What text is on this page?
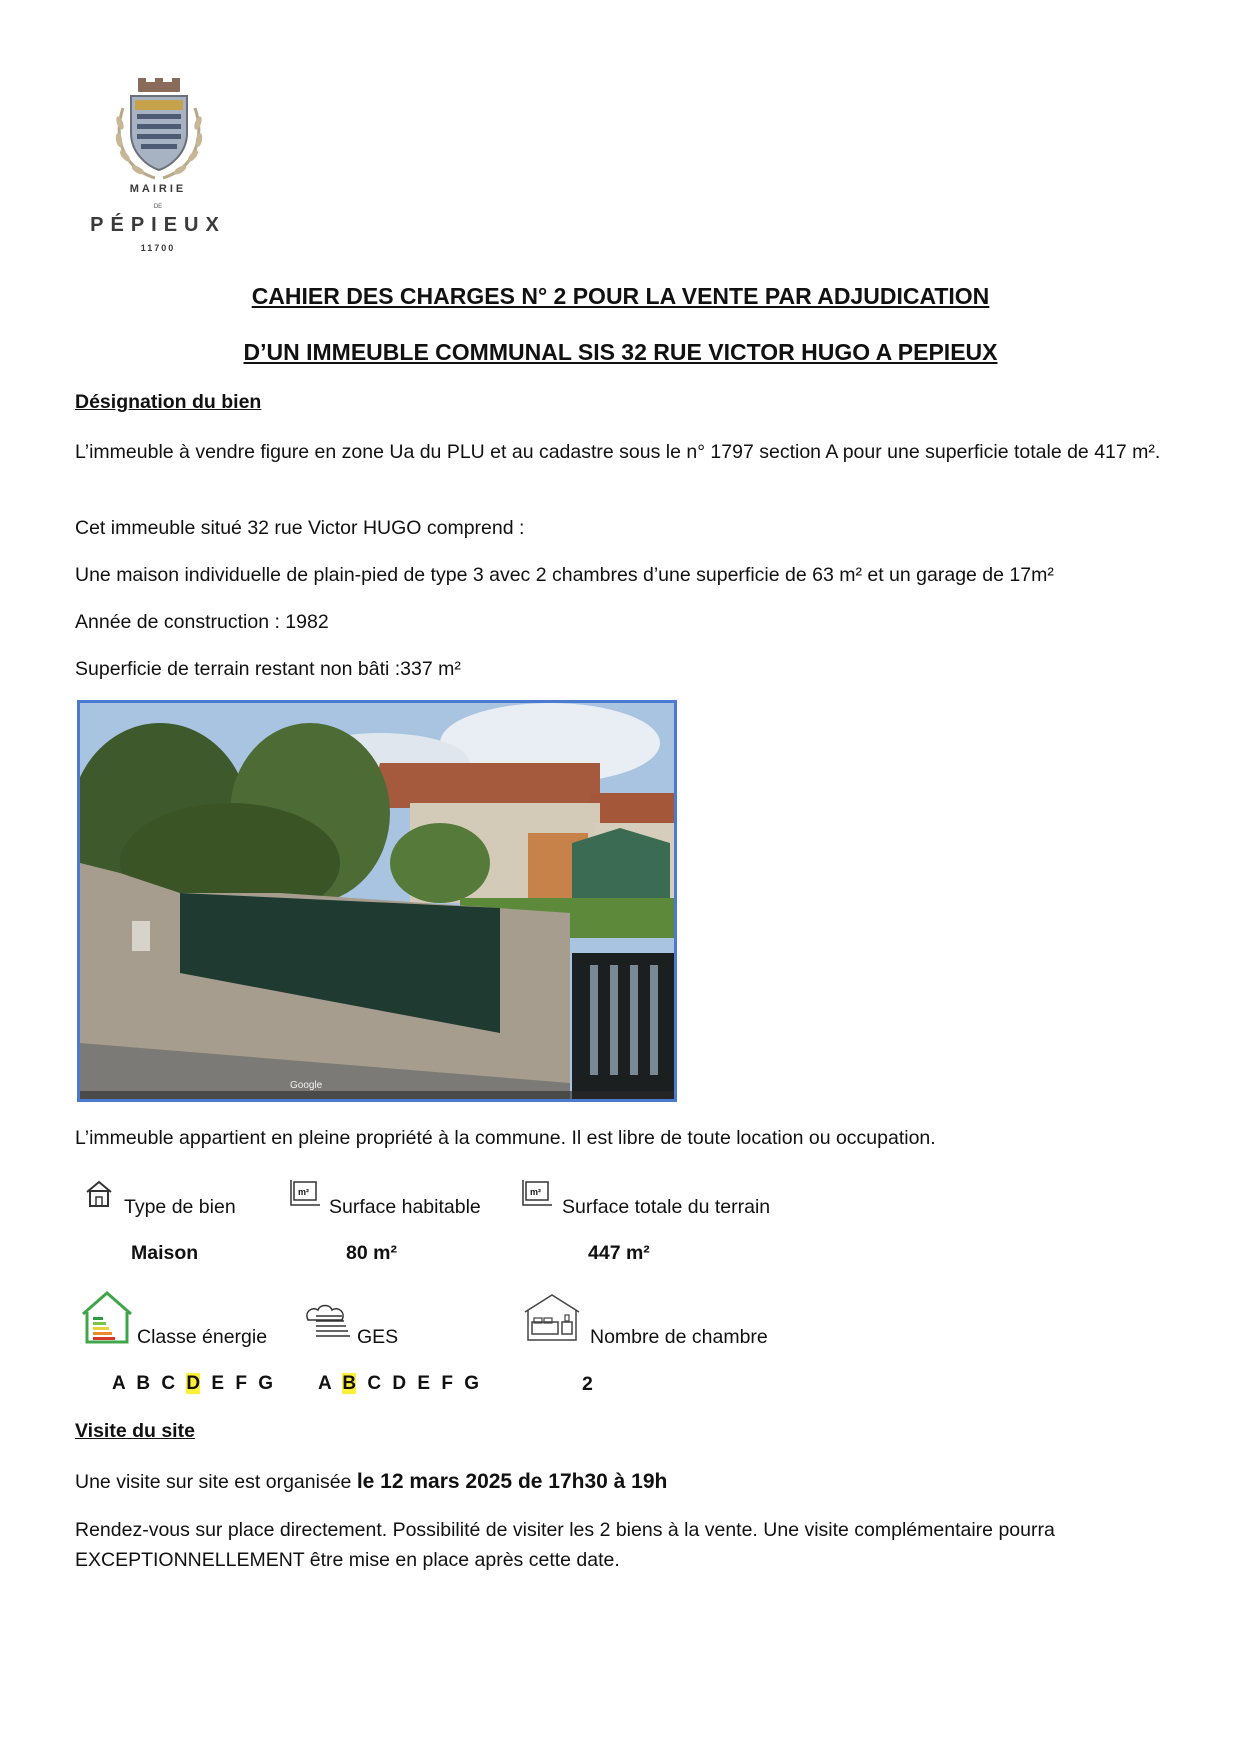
MAIRIE
DE
PÉPIEUX
11700
CAHIER DES CHARGES N° 2 POUR LA VENTE PAR ADJUDICATION
D’UN IMMEUBLE COMMUNAL SIS 32 RUE VICTOR HUGO A PEPIEUX
Désignation du bien
L’immeuble à vendre figure en zone Ua du PLU et au cadastre sous le n° 1797 section A pour une superficie totale de 417 m².
Cet immeuble situé 32 rue Victor HUGO comprend :
Une maison individuelle de plain-pied de type 3 avec 2 chambres d’une superficie de 63 m² et un garage de 17m²
Année de construction : 1982
Superficie de terrain restant non bâti :337 m²
Google
L’immeuble appartient en pleine propriété à la commune. Il est libre de toute location ou occupation.
Type de bien
Maison
m²
Surface habitable
80 m²
m²
Surface totale du terrain
447 m²
Classe énergie
A B C D E F G
GES
A B C D E F G
Nombre de chambre
2
Visite du site
Une visite sur site est organisée le 12 mars 2025 de 17h30 à 19h
Rendez-vous sur place directement. Possibilité de visiter les 2 biens à la vente. Une visite complémentaire pourra EXCEPTIONNELLEMENT être mise en place après cette date.
